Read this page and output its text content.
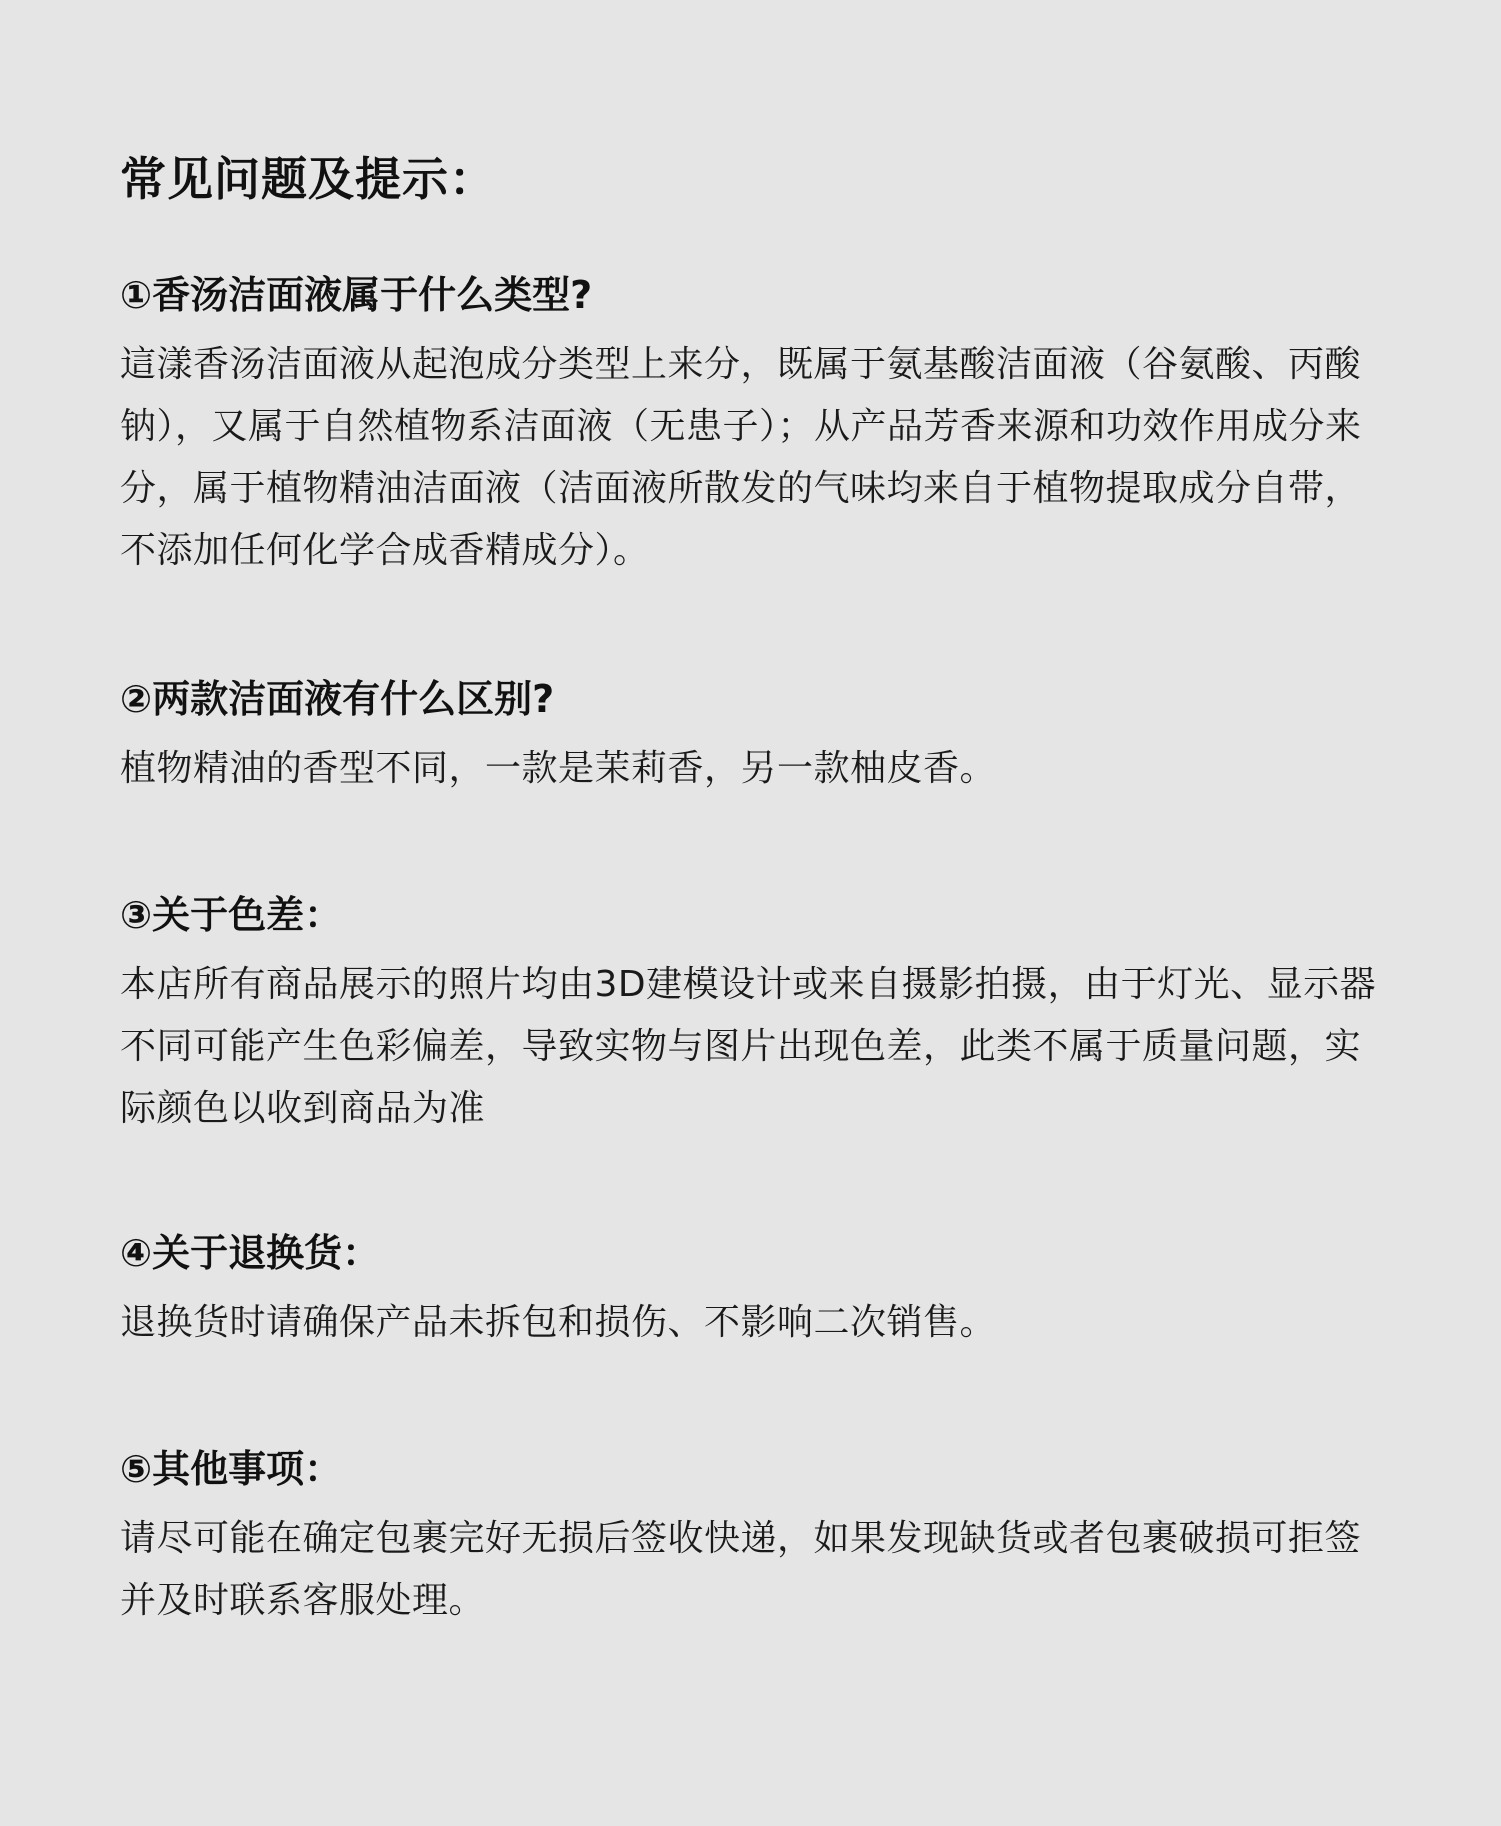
常见问题及提示：
①香汤洁面液属于什么类型?

這漾香汤洁面液从起泡成分类型上来分，既属于氨基酸洁面液（谷氨酸、丙酸钠），又属于自然植物系洁面液（无患子）；从产品芳香来源和功效作用成分来分，属于植物精油洁面液（洁面液所散发的气味均来自于植物提取成分自带，不添加任何化学合成香精成分）。

②两款洁面液有什么区别?

植物精油的香型不同，一款是茉莉香，另一款柚皮香。

③关于色差：

本店所有商品展示的照片均由3D建模设计或来自摄影拍摄，由于灯光、显示器不同可能产生色彩偏差，导致实物与图片出现色差，此类不属于质量问题，实际颜色以收到商品为准

④关于退换货：

退换货时请确保产品未拆包和损伤、不影响二次销售。

⑤其他事项：

请尽可能在确定包裹完好无损后签收快递，如果发现缺货或者包裹破损可拒签并及时联系客服处理。
